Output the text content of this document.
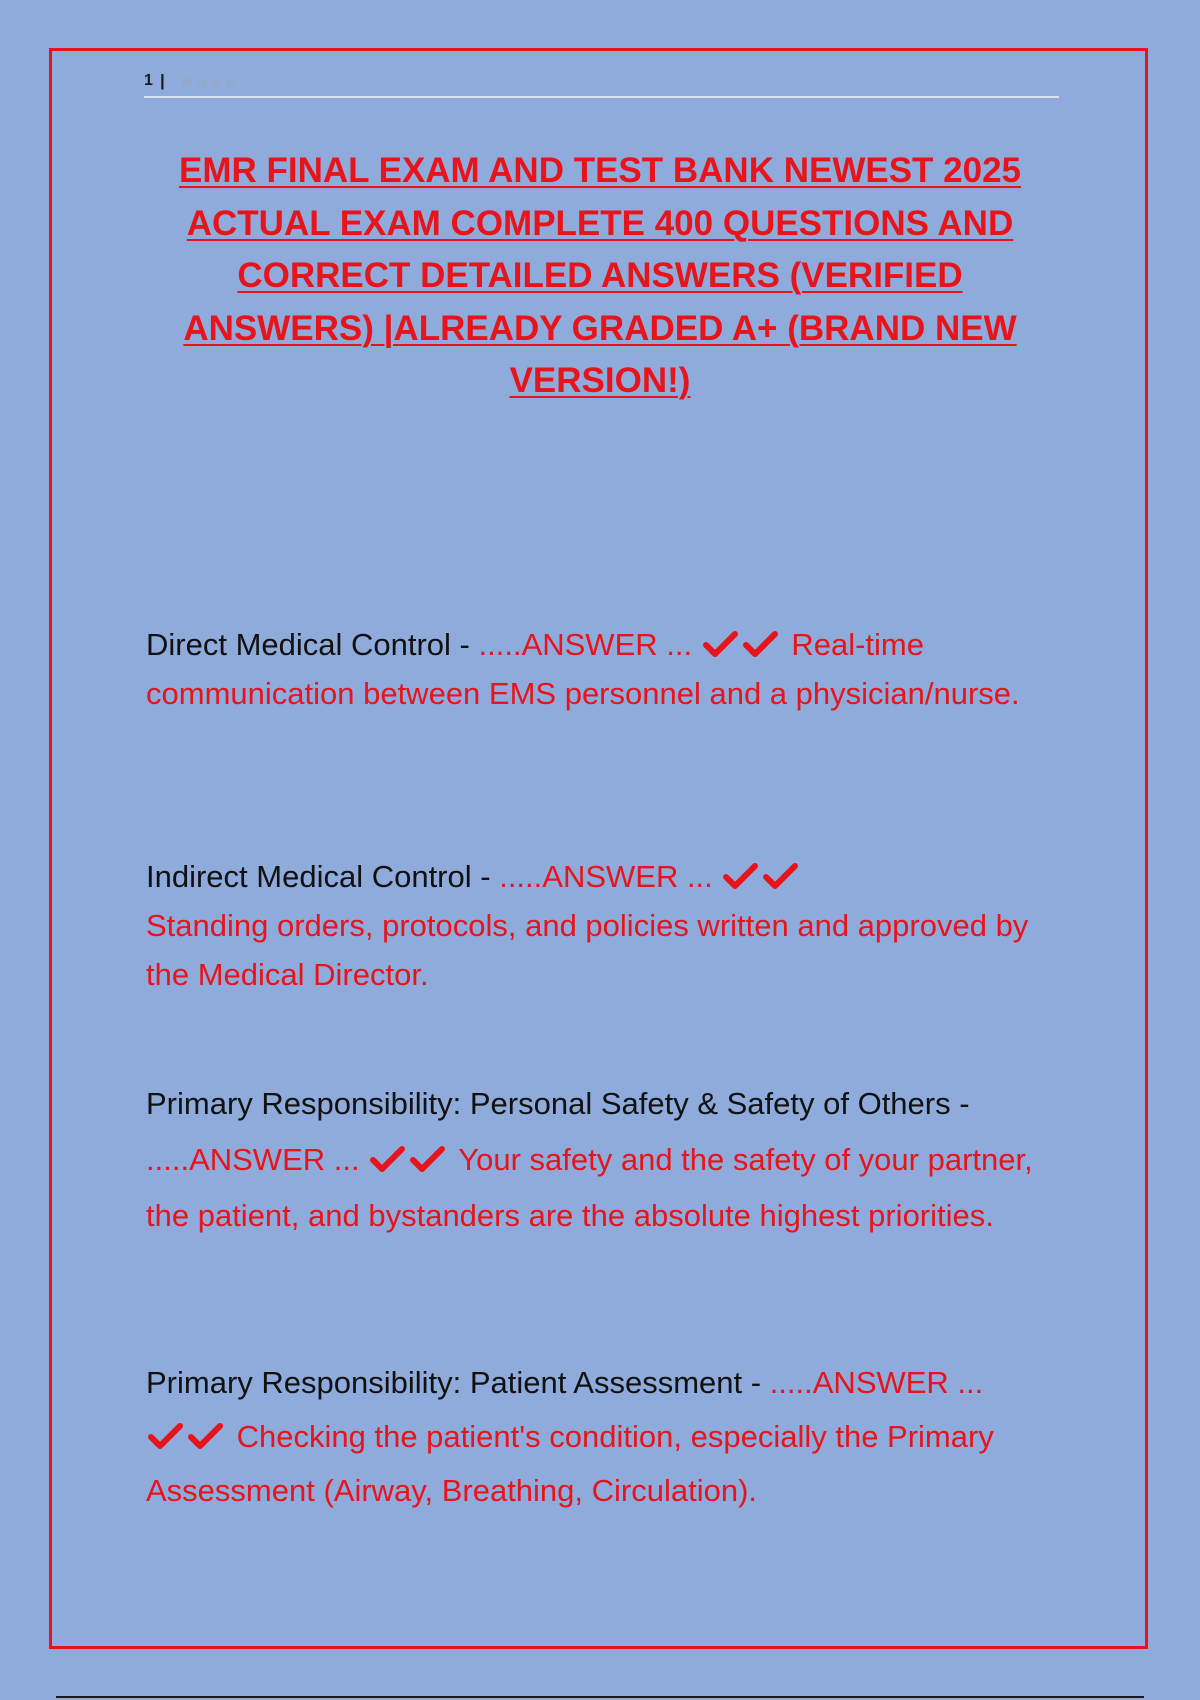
1 | Page
EMR FINAL EXAM AND TEST BANK NEWEST 2025 ACTUAL EXAM COMPLETE 400 QUESTIONS AND CORRECT DETAILED ANSWERS (VERIFIED ANSWERS) |ALREADY GRADED A+ (BRAND NEW VERSION!)
Direct Medical Control - .....ANSWER ...	Real-time communication between EMS personnel and a physician/nurse.
Indirect Medical Control - .....ANSWER ...

Standing orders, protocols, and policies written and approved by the Medical Director.
Primary Responsibility: Personal Safety & Safety of Others - .....ANSWER ...	Your safety and the safety of your partner, the patient, and bystanders are the absolute highest priorities.
Primary Responsibility: Patient Assessment - .....ANSWER ...
Checking the patient's condition, especially the Primary Assessment (Airway, Breathing, Circulation).
